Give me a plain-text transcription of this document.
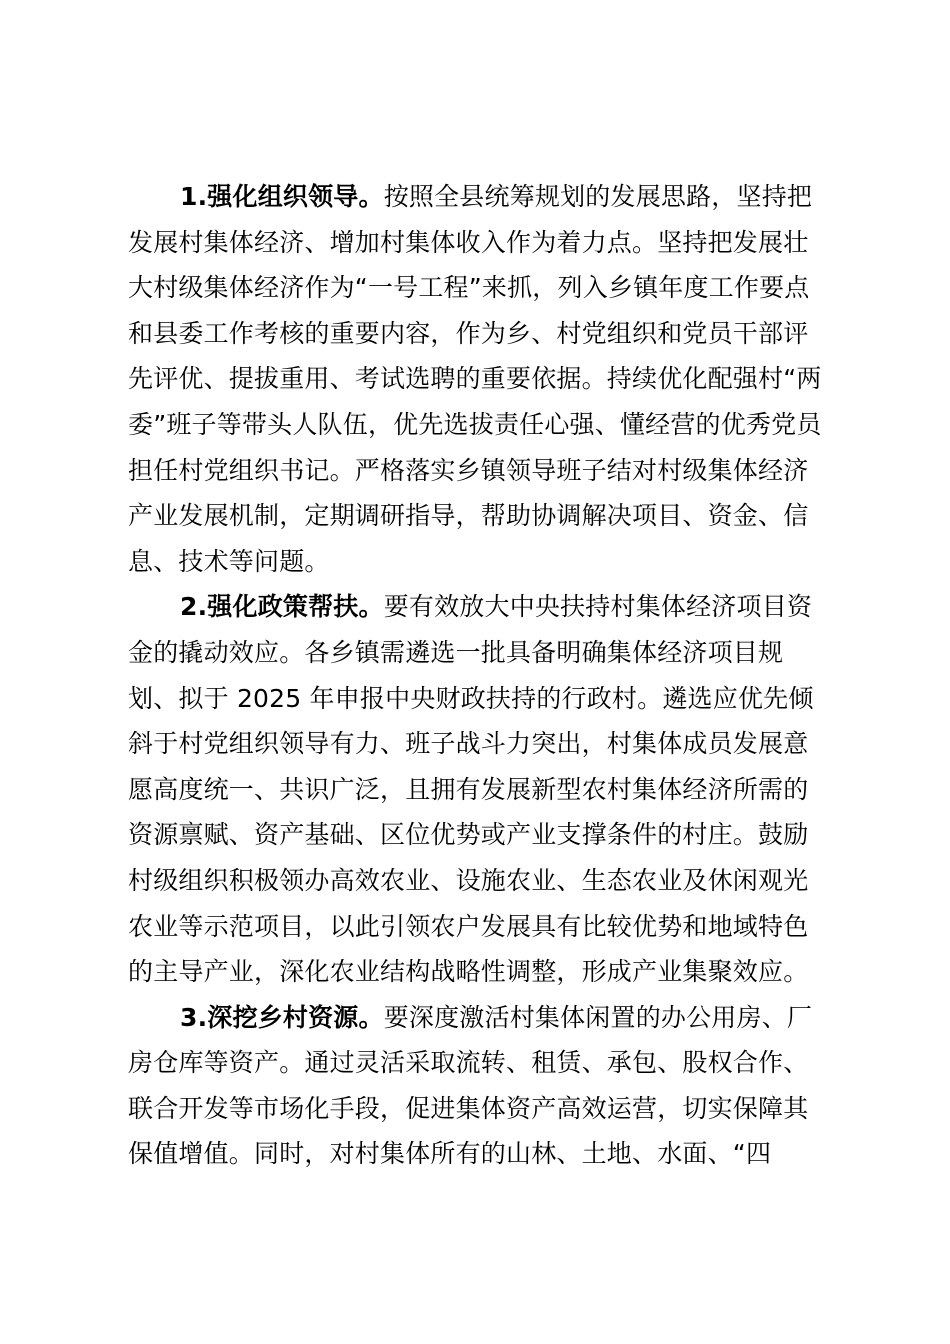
1.强化组织领导。按照全县统筹规划的发展思路，坚持把
发展村集体经济、增加村集体收入作为着力点。坚持把发展壮
大村级集体经济作为“一号工程”来抓，列入乡镇年度工作要点
和县委工作考核的重要内容，作为乡、村党组织和党员干部评
先评优、提拔重用、考试选聘的重要依据。持续优化配强村“两
委”班子等带头人队伍，优先选拔责任心强、懂经营的优秀党员
担任村党组织书记。严格落实乡镇领导班子结对村级集体经济
产业发展机制，定期调研指导，帮助协调解决项目、资金、信
息、技术等问题。
2.强化政策帮扶。要有效放大中央扶持村集体经济项目资
金的撬动效应。各乡镇需遴选一批具备明确集体经济项目规
划、拟于 2025 年申报中央财政扶持的行政村。遴选应优先倾
斜于村党组织领导有力、班子战斗力突出，村集体成员发展意
愿高度统一、共识广泛，且拥有发展新型农村集体经济所需的
资源禀赋、资产基础、区位优势或产业支撑条件的村庄。鼓励
村级组织积极领办高效农业、设施农业、生态农业及休闲观光
农业等示范项目，以此引领农户发展具有比较优势和地域特色
的主导产业，深化农业结构战略性调整，形成产业集聚效应。
3.深挖乡村资源。要深度激活村集体闲置的办公用房、厂
房仓库等资产。通过灵活采取流转、租赁、承包、股权合作、
联合开发等市场化手段，促进集体资产高效运营，切实保障其
保值增值。同时，对村集体所有的山林、土地、水面、“四
